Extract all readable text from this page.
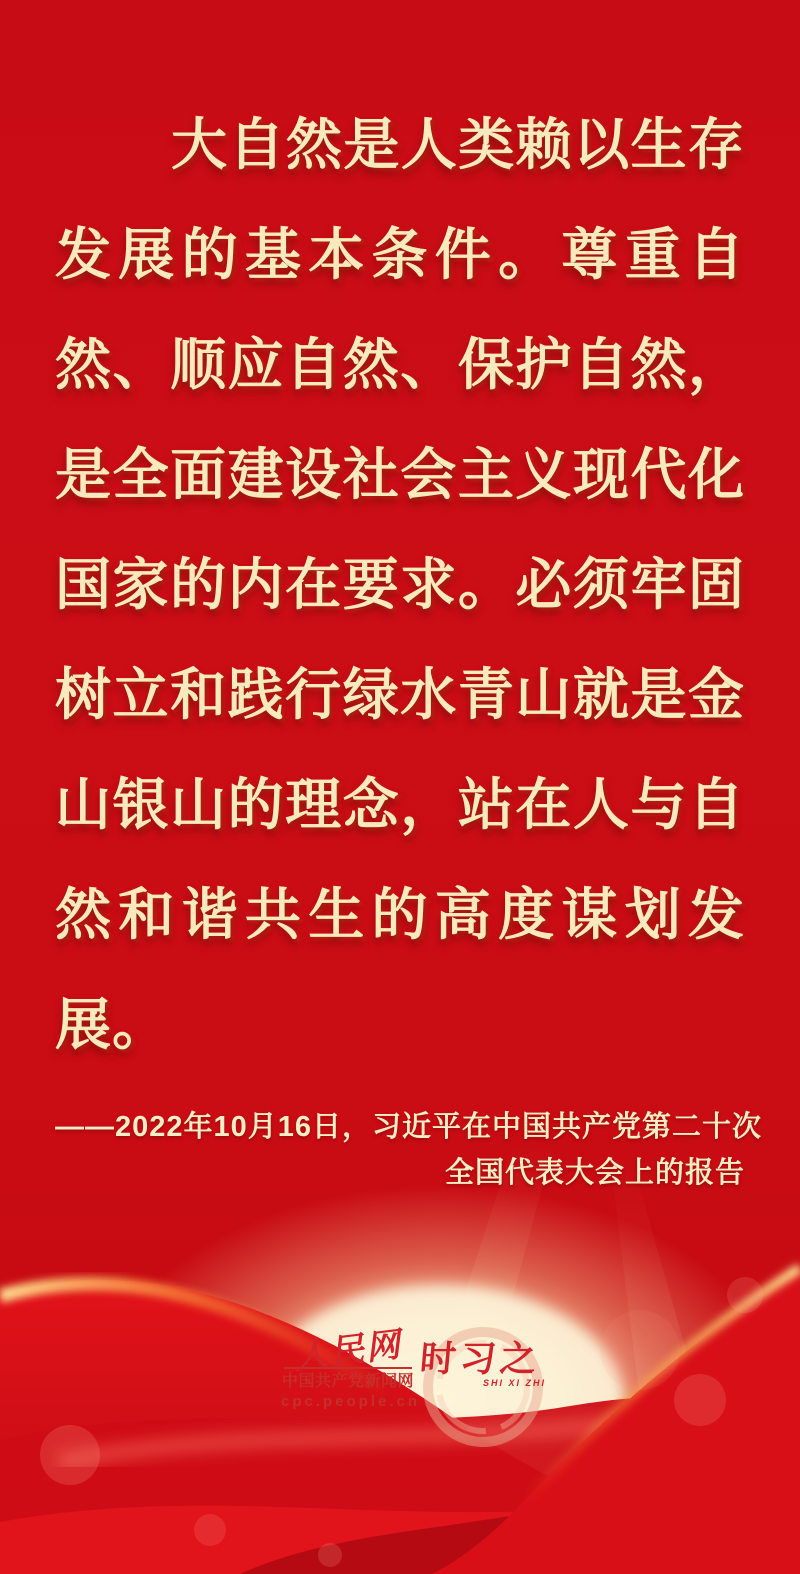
大自然是人类赖以生存
发展的基本条件。尊重自
然、顺应自然、保护自然，
是全面建设社会主义现代化
国家的内在要求。必须牢固
树立和践行绿水青山就是金
山银山的理念，站在人与自
然和谐共生的高度谋划发
展。
——2022年10月16日，习近平在中国共产党第二十次
全国代表大会上的报告
人民网
中国共产党新闻网
cpc.people.cn
时习之
SHI XI ZHI
